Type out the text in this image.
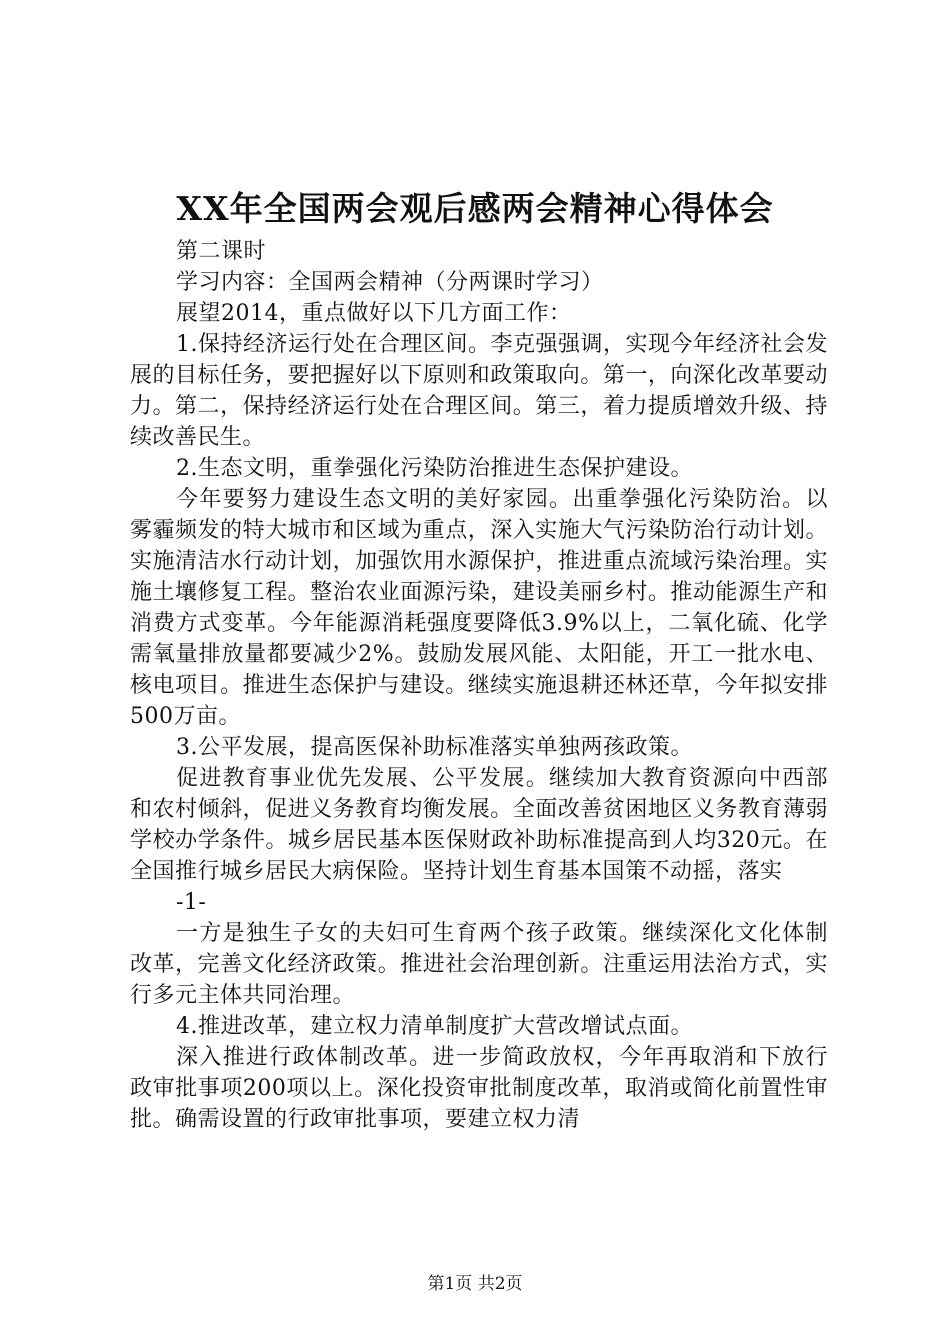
XX年全国两会观后感两会精神心得体会

第二课时

学习内容：全国两会精神（分两课时学习）

展望2014，重点做好以下几方面工作：

1.保持经济运行处在合理区间。李克强强调，实现今年经济社会发展的目标任务，要把握好以下原则和政策取向。第一，向深化改革要动力。第二，保持经济运行处在合理区间。第三，着力提质增效升级、持续改善民生。

2.生态文明，重拳强化污染防治推进生态保护建设。

今年要努力建设生态文明的美好家园。出重拳强化污染防治。以雾霾频发的特大城市和区域为重点，深入实施大气污染防治行动计划。实施清洁水行动计划，加强饮用水源保护，推进重点流域污染治理。实施土壤修复工程。整治农业面源污染，建设美丽乡村。推动能源生产和消费方式变革。今年能源消耗强度要降低3.9%以上，二氧化硫、化学需氧量排放量都要减少2%。鼓励发展风能、太阳能，开工一批水电、核电项目。推进生态保护与建设。继续实施退耕还林还草，今年拟安排500万亩。

3.公平发展，提高医保补助标准落实单独两孩政策。

促进教育事业优先发展、公平发展。继续加大教育资源向中西部和农村倾斜，促进义务教育均衡发展。全面改善贫困地区义务教育薄弱学校办学条件。城乡居民基本医保财政补助标准提高到人均320元。在全国推行城乡居民大病保险。坚持计划生育基本国策不动摇，落实

-1-

一方是独生子女的夫妇可生育两个孩子政策。继续深化文化体制改革，完善文化经济政策。推进社会治理创新。注重运用法治方式，实行多元主体共同治理。

4.推进改革，建立权力清单制度扩大营改增试点面。

深入推进行政体制改革。进一步简政放权，今年再取消和下放行政审批事项200项以上。深化投资审批制度改革，取消或简化前置性审批。确需设置的行政审批事项，要建立权力清

第1页 共2页
